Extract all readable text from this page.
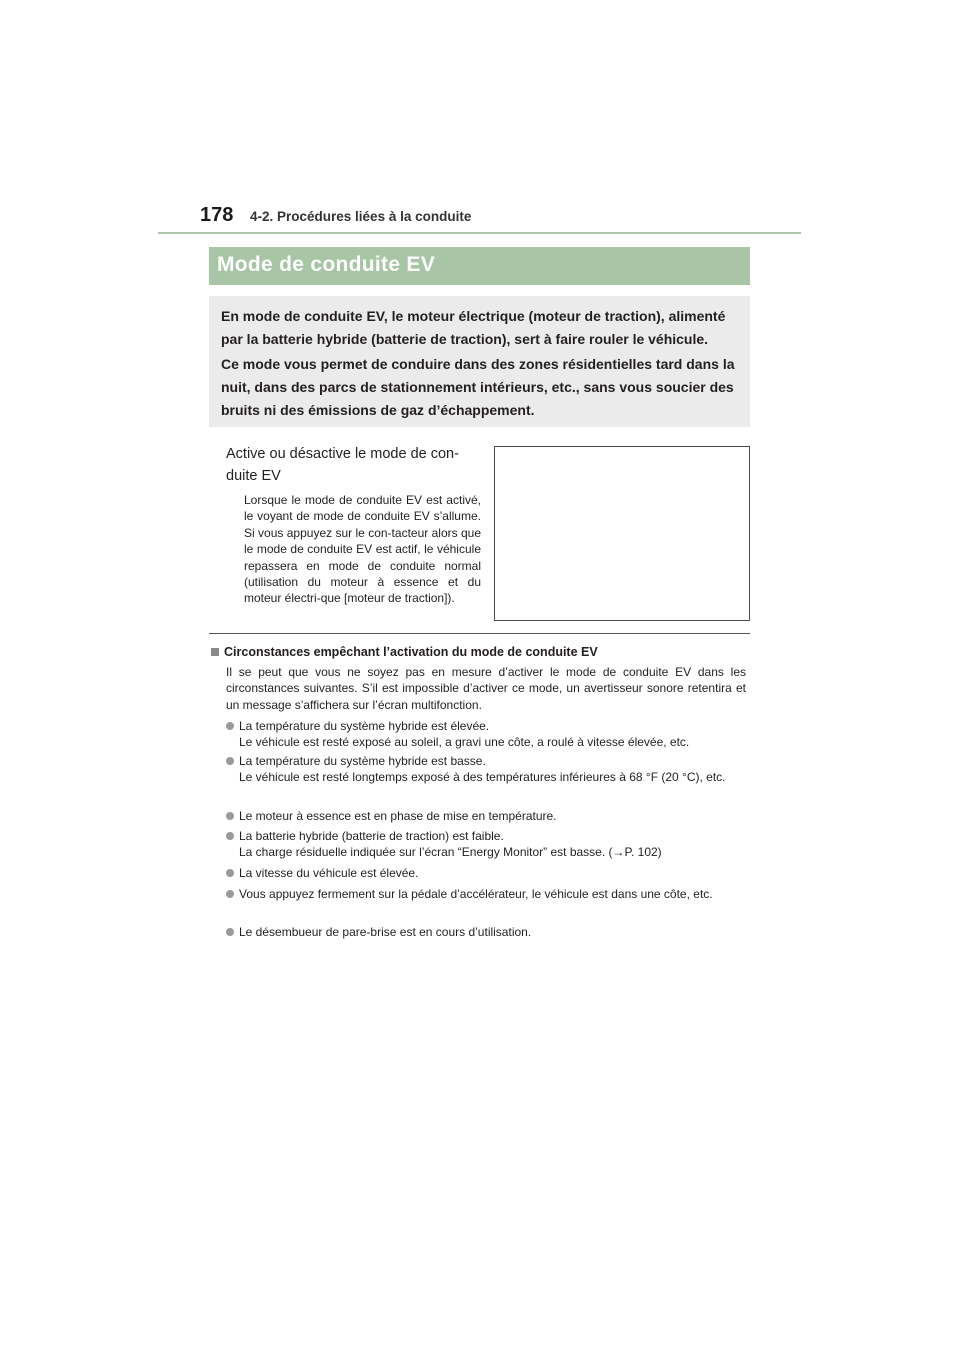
178 4-2. Procédures liées à la conduite
Mode de conduite EV

En mode de conduite EV, le moteur électrique (moteur de traction), alimenté par la batterie hybride (batterie de traction), sert à faire rouler le véhicule.

Ce mode vous permet de conduire dans des zones résidentielles tard dans la nuit, dans des parcs de stationnement intérieurs, etc., sans vous soucier des bruits ni des émissions de gaz d’échappement.

Active ou désactive le mode de con-duite EV
Lorsque le mode de conduite EV est activé, le voyant de mode de conduite EV s’allume. Si vous appuyez sur le con-tacteur alors que le mode de conduite EV est actif, le véhicule repassera en mode de conduite normal (utilisation du moteur à essence et du moteur électri-que [moteur de traction]).
Circonstances empêchant l’activation du mode de conduite EV
Il se peut que vous ne soyez pas en mesure d’activer le mode de conduite EV dans les circonstances suivantes. S’il est impossible d’activer ce mode, un avertisseur sonore retentira et un message s’affichera sur l’écran multifonction.
La température du système hybride est élevée.
Le véhicule est resté exposé au soleil, a gravi une côte, a roulé à vitesse élevée, etc.
La température du système hybride est basse.
Le véhicule est resté longtemps exposé à des températures inférieures à 68 °F (20 °C), etc.
Le moteur à essence est en phase de mise en température.
La batterie hybride (batterie de traction) est faible.
La charge résiduelle indiquée sur l’écran “Energy Monitor” est basse. (→P. 102)
La vitesse du véhicule est élevée.
Vous appuyez fermement sur la pédale d’accélérateur, le véhicule est dans une côte, etc.
Le désembueur de pare-brise est en cours d’utilisation.
